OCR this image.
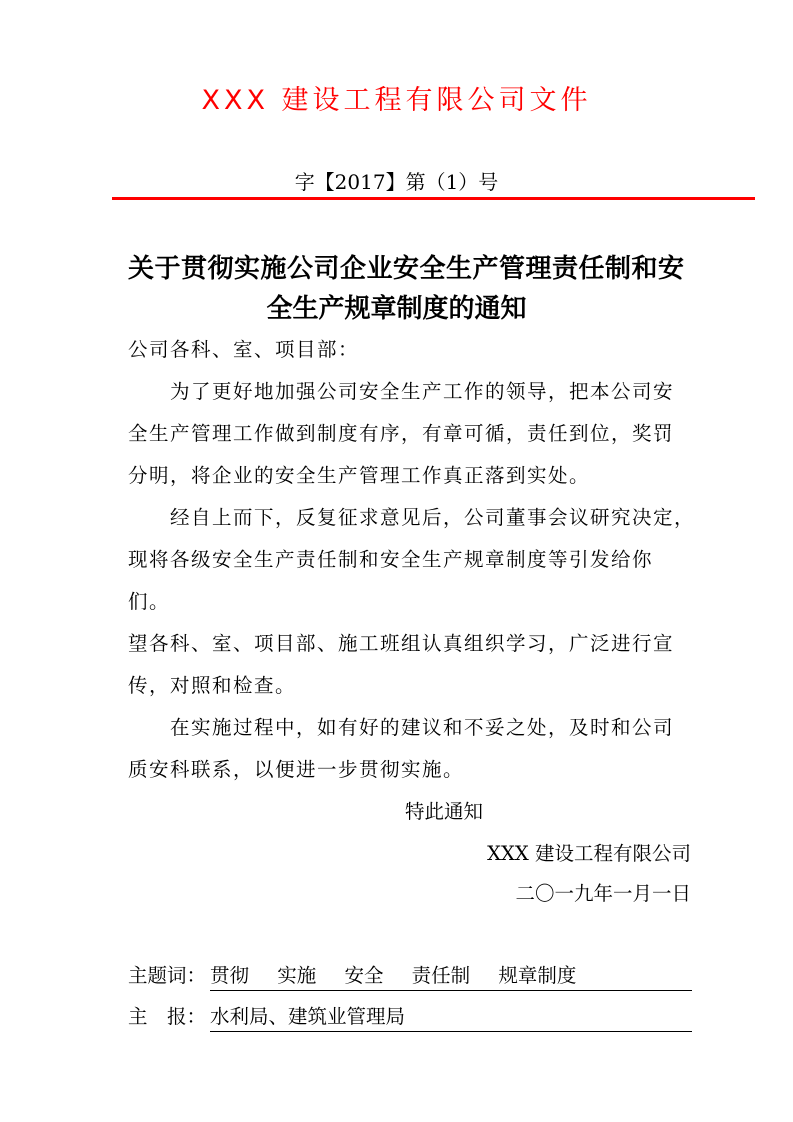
XXX 建设工程有限公司文件
字【2017】第（1）号
关于贯彻实施公司企业安全生产管理责任制和安
全生产规章制度的通知
公司各科、室、项目部：
　　为了更好地加强公司安全生产工作的领导，把本公司安
全生产管理工作做到制度有序，有章可循，责任到位，奖罚
分明，将企业的安全生产管理工作真正落到实处。
　　经自上而下，反复征求意见后，公司董事会议研究决定，
现将各级安全生产责任制和安全生产规章制度等引发给你
们。
望各科、室、项目部、施工班组认真组织学习，广泛进行宣
传，对照和检查。
　　在实施过程中，如有好的建议和不妥之处，及时和公司
质安科联系，以便进一步贯彻实施。
特此通知
XXX 建设工程有限公司
二〇一九年一月一日
主题词： 贯彻 实施 安全 责任制 规章制度
主　报： 水利局、建筑业管理局
